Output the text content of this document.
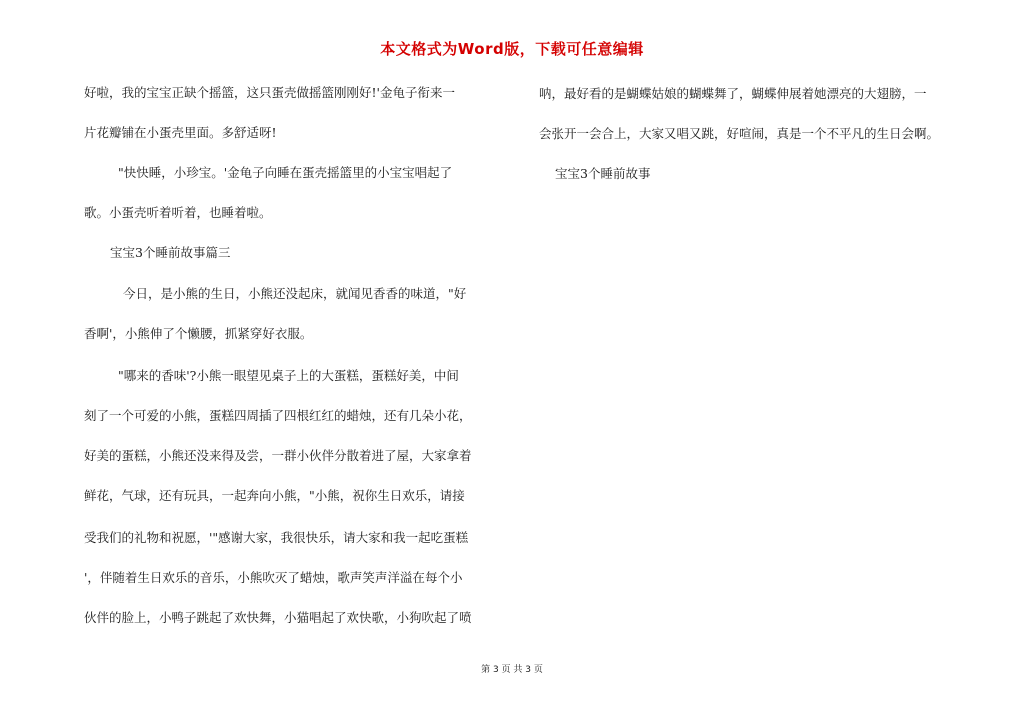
本文格式为Word版，下载可任意编辑
好啦，我的宝宝正缺个摇篮，这只蛋壳做摇篮刚刚好!'金龟子衔来一
片花瓣铺在小蛋壳里面。多舒适呀!
"快快睡，小珍宝。'金龟子向睡在蛋壳摇篮里的小宝宝唱起了
歌。小蛋壳听着听着，也睡着啦。
宝宝3个睡前故事篇三
今日，是小熊的生日，小熊还没起床，就闻见香香的味道，"好
香啊'，小熊伸了个懒腰，抓紧穿好衣服。
"哪来的香味'?小熊一眼望见桌子上的大蛋糕，蛋糕好美，中间
刻了一个可爱的小熊，蛋糕四周插了四根红红的蜡烛，还有几朵小花，
好美的蛋糕，小熊还没来得及尝，一群小伙伴分散着进了屋，大家拿着
鲜花，气球，还有玩具，一起奔向小熊，"小熊，祝你生日欢乐，请接
受我们的礼物和祝愿，'"感谢大家，我很快乐，请大家和我一起吃蛋糕
'，伴随着生日欢乐的音乐，小熊吹灭了蜡烛，歌声笑声洋溢在每个小
伙伴的脸上，小鸭子跳起了欢快舞，小猫唱起了欢快歌，小狗吹起了喷
呐，最好看的是蝴蝶姑娘的蝴蝶舞了，蝴蝶伸展着她漂亮的大翅膀，一
会张开一会合上，大家又唱又跳，好喧闹，真是一个不平凡的生日会啊。
宝宝3个睡前故事
第 3 页 共 3 页
